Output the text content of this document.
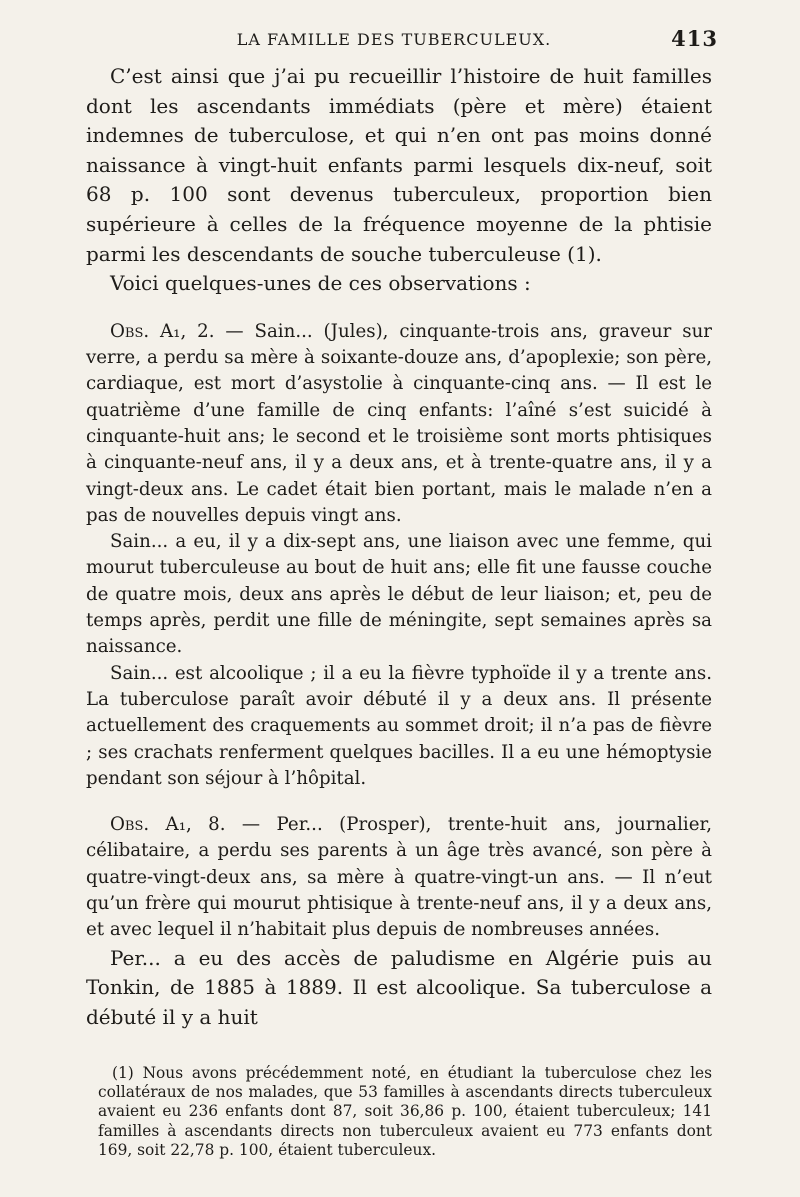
LA FAMILLE DES TUBERCULEUX.	413

C’est ainsi que j’ai pu recueillir l’histoire de huit familles dont les ascendants immédiats (père et mère) étaient indemnes de tuberculose, et qui n’en ont pas moins donné naissance à vingt-huit enfants parmi lesquels dix-neuf, soit 68 p. 100 sont devenus tuberculeux, proportion bien supérieure à celles de la fréquence moyenne de la phtisie parmi les descendants de souche tuberculeuse (1).

Voici quelques-unes de ces observations :

Obs. A₁, 2. — Sain... (Jules), cinquante-trois ans, graveur sur verre, a perdu sa mère à soixante-douze ans, d’apoplexie; son père, cardiaque, est mort d’asystolie à cinquante-cinq ans. — Il est le quatrième d’une famille de cinq enfants: l’aîné s’est suicidé à cinquante-huit ans; le second et le troisième sont morts phtisiques à cinquante-neuf ans, il y a deux ans, et à trente-quatre ans, il y a vingt-deux ans. Le cadet était bien portant, mais le malade n’en a pas de nouvelles depuis vingt ans.

Sain... a eu, il y a dix-sept ans, une liaison avec une femme, qui mourut tuberculeuse au bout de huit ans; elle fit une fausse couche de quatre mois, deux ans après le début de leur liaison; et, peu de temps après, perdit une fille de méningite, sept semaines après sa naissance.

Sain... est alcoolique ; il a eu la fièvre typhoïde il y a trente ans. La tuberculose paraît avoir débuté il y a deux ans. Il présente actuellement des craquements au sommet droit; il n’a pas de fièvre ; ses crachats renferment quelques bacilles. Il a eu une hémoptysie pendant son séjour à l’hôpital.

Obs. A₁, 8. — Per... (Prosper), trente-huit ans, journalier, célibataire, a perdu ses parents à un âge très avancé, son père à quatre-vingt-deux ans, sa mère à quatre-vingt-un ans. — Il n’eut qu’un frère qui mourut phtisique à trente-neuf ans, il y a deux ans, et avec lequel il n’habitait plus depuis de nombreuses années.

Per... a eu des accès de paludisme en Algérie puis au Tonkin, de 1885 à 1889. Il est alcoolique. Sa tuberculose a débuté il y a huit

(1) Nous avons précédemment noté, en étudiant la tuberculose chez les collatéraux de nos malades, que 53 familles à ascendants directs tuberculeux avaient eu 236 enfants dont 87, soit 36,86 p. 100, étaient tuberculeux; 141 familles à ascendants directs non tuberculeux avaient eu 773 enfants dont 169, soit 22,78 p. 100, étaient tuberculeux.
